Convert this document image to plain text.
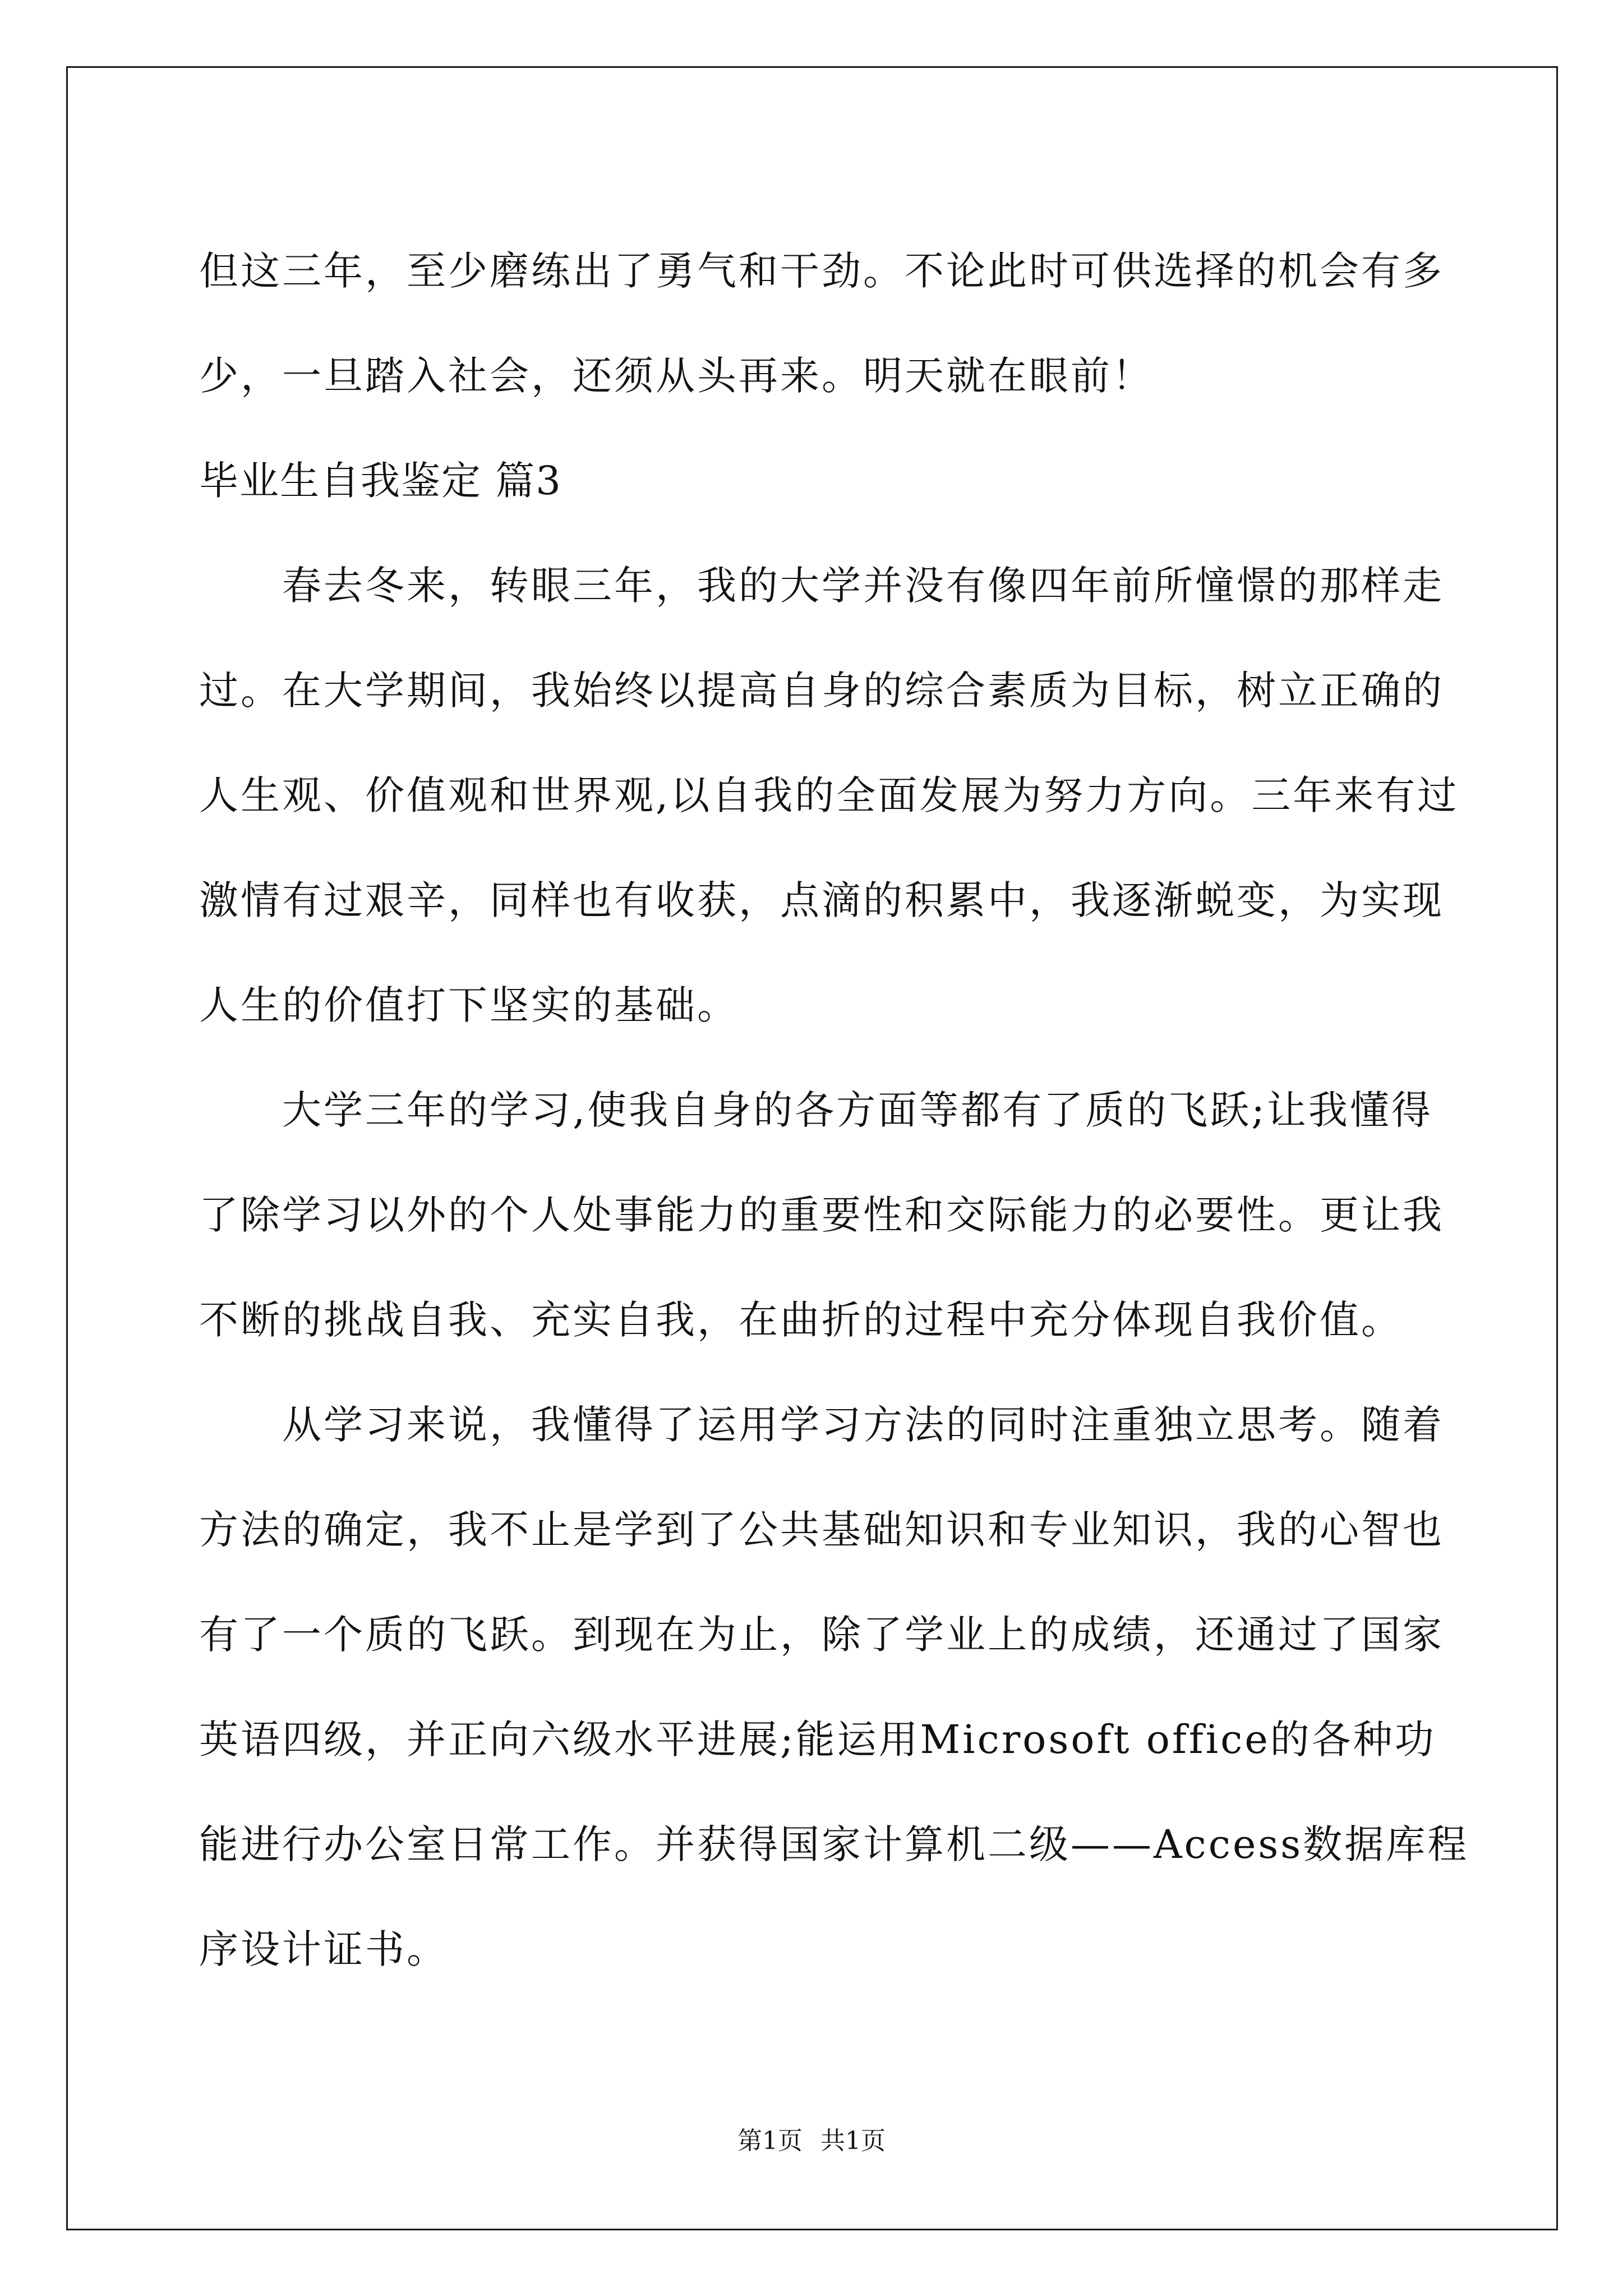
但这三年，至少磨练出了勇气和干劲。不论此时可供选择的机会有多
少，一旦踏入社会，还须从头再来。明天就在眼前！
毕业生自我鉴定 篇3
春去冬来，转眼三年，我的大学并没有像四年前所憧憬的那样走
过。在大学期间，我始终以提高自身的综合素质为目标，树立正确的
人生观、价值观和世界观,以自我的全面发展为努力方向。三年来有过
激情有过艰辛，同样也有收获，点滴的积累中，我逐渐蜕变，为实现
人生的价值打下坚实的基础。
大学三年的学习,使我自身的各方面等都有了质的飞跃;让我懂得
了除学习以外的个人处事能力的重要性和交际能力的必要性。更让我
不断的挑战自我、充实自我，在曲折的过程中充分体现自我价值。
从学习来说，我懂得了运用学习方法的同时注重独立思考。随着
方法的确定，我不止是学到了公共基础知识和专业知识，我的心智也
有了一个质的飞跃。到现在为止，除了学业上的成绩，还通过了国家
英语四级，并正向六级水平进展;能运用Microsoft office的各种功
能进行办公室日常工作。并获得国家计算机二级——Access数据库程
序设计证书。
第1页 共1页
